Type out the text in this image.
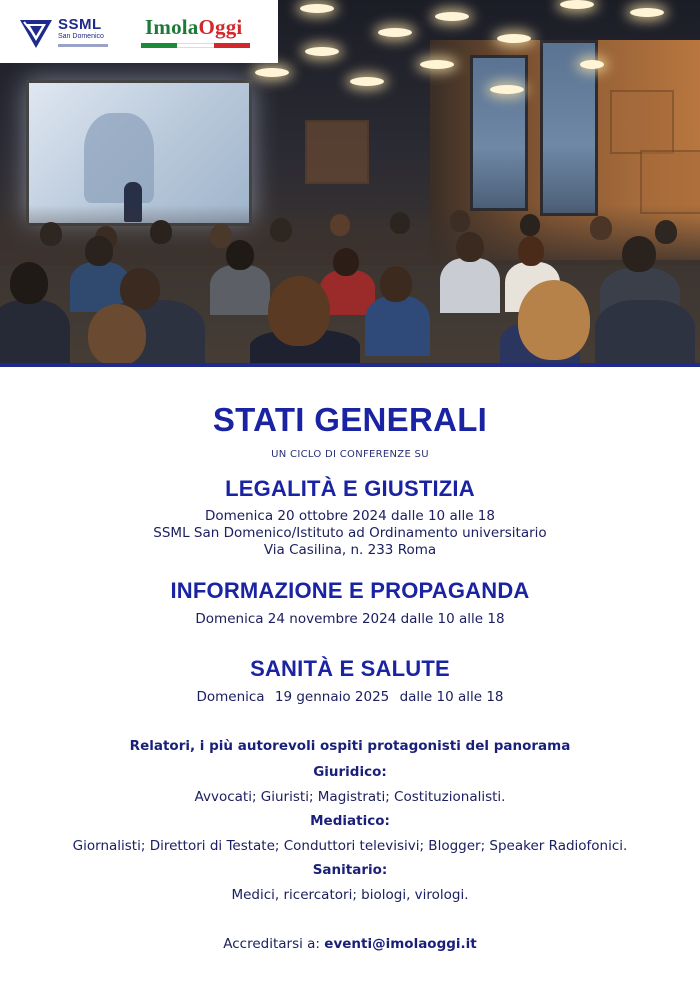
SSML
San Domenico ImolaOggi
STATI GENERALI
UN CICLO DI CONFERENZE SU
LEGALITÀ E GIUSTIZIA
Domenica 20 ottobre 2024 dalle 10 alle 18
SSML San Domenico/Istituto ad Ordinamento universitario
Via Casilina, n. 233 Roma
INFORMAZIONE E PROPAGANDA
Domenica 24 novembre 2024 dalle 10 alle 18
SANITÀ E SALUTE
Domenica 19 gennaio 2025 dalle 10 alle 18
Relatori, i più autorevoli ospiti protagonisti del panorama
Giuridico:
Avvocati; Giuristi; Magistrati; Costituzionalisti.
Mediatico:
Giornalisti; Direttori di Testate; Conduttori televisivi; Blogger; Speaker Radiofonici.
Sanitario:
Medici, ricercatori; biologi, virologi.
Accreditarsi a: eventi@imolaoggi.it
